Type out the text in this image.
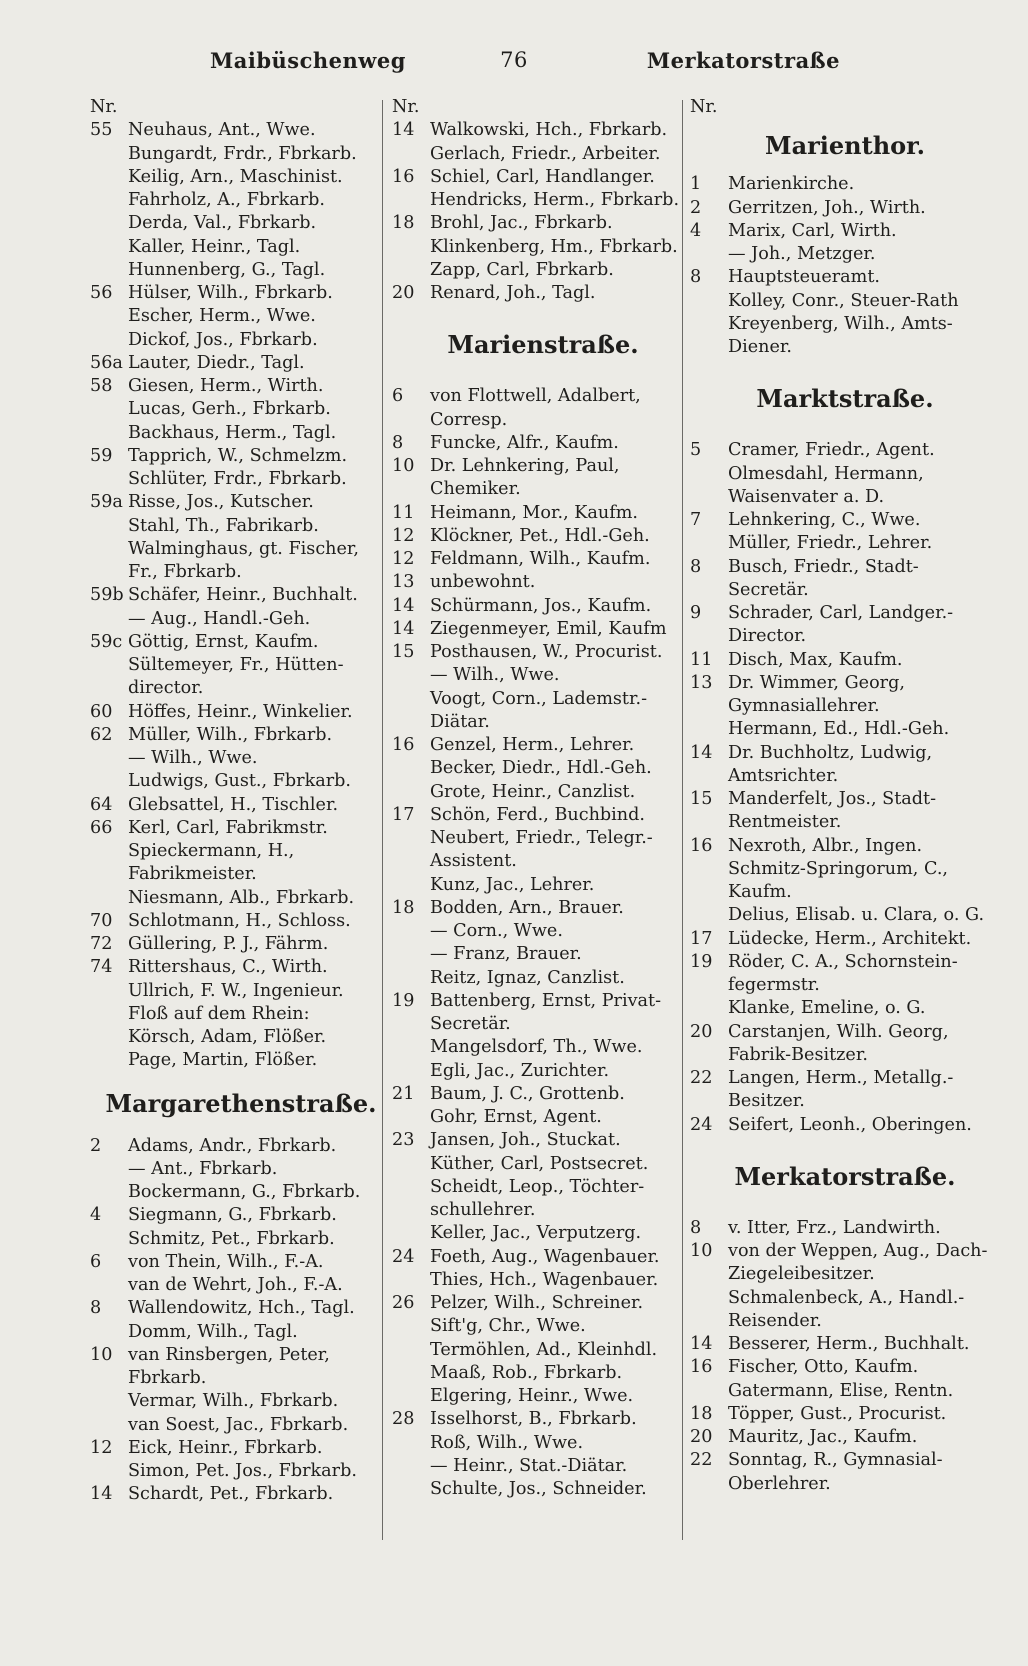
Maibüschenweg	76	Merkatorstraße
Nr.
55 Neuhaus, Ant., Wwe.
Bungardt, Frdr., Fbrkarb.
Keilig, Arn., Maschinist.
Fahrholz, A., Fbrkarb.
Derda, Val., Fbrkarb.
Kaller, Heinr., Tagl.
Hunnenberg, G., Tagl.
56 Hülser, Wilh., Fbrkarb.
Escher, Herm., Wwe.
Dickof, Jos., Fbrkarb.
56a Lauter, Diedr., Tagl.
58 Giesen, Herm., Wirth.
Lucas, Gerh., Fbrkarb.
Backhaus, Herm., Tagl.
59 Tapprich, W., Schmelzm.
Schlüter, Frdr., Fbrkarb.
59a Risse, Jos., Kutscher.
Stahl, Th., Fabrikarb.
Walminghaus, gt. Fischer, Fr., Fbrkarb.
59b Schäfer, Heinr., Buchhalt.
— Aug., Handl.-Geh.
59c Göttig, Ernst, Kaufm.
Sültemeyer, Fr., Hütten-director.
60 Höffes, Heinr., Winkelier.
62 Müller, Wilh., Fbrkarb.
— Wilh., Wwe.
Ludwigs, Gust., Fbrkarb.
64 Glebsattel, H., Tischler.
66 Kerl, Carl, Fabrikmstr.
Spieckermann, H., Fabrikmeister.
Niesmann, Alb., Fbrkarb.
70 Schlotmann, H., Schloss.
72 Güllering, P. J., Fährm.
74 Rittershaus, C., Wirth.
Ullrich, F. W., Ingenieur.
Floß auf dem Rhein: Körsch, Adam, Flößer.
Page, Martin, Flößer.
Margarethenstraße.
2 Adams, Andr., Fbrkarb.
— Ant., Fbrkarb.
Bockermann, G., Fbrkarb.
4 Siegmann, G., Fbrkarb.
Schmitz, Pet., Fbrkarb.
6 von Thein, Wilh., F.-A.
van de Wehrt, Joh., F.-A.
8 Wallendowitz, Hch., Tagl.
Domm, Wilh., Tagl.
10 van Rinsbergen, Peter, Fbrkarb.
Vermar, Wilh., Fbrkarb.
van Soest, Jac., Fbrkarb.
12 Eick, Heinr., Fbrkarb.
Simon, Pet. Jos., Fbrkarb.
14 Schardt, Pet., Fbrkarb.
Nr.
14 Walkowski, Hch., Fbrkarb.
Gerlach, Friedr., Arbeiter.
16 Schiel, Carl, Handlanger.
Hendricks, Herm., Fbrkarb.
18 Brohl, Jac., Fbrkarb.
Klinkenberg, Hm., Fbrkarb.
Zapp, Carl, Fbrkarb.
20 Renard, Joh., Tagl.
Marienstraße.
6 von Flottwell, Adalbert, Corresp.
8 Funcke, Alfr., Kaufm.
10 Dr. Lehnkering, Paul, Chemiker.
11 Heimann, Mor., Kaufm.
12 Klöckner, Pet., Hdl.-Geh.
12 Feldmann, Wilh., Kaufm.
13 unbewohnt.
14 Schürmann, Jos., Kaufm.
14 Ziegenmeyer, Emil, Kaufm
15 Posthausen, W., Procurist.
— Wilh., Wwe.
Voogt, Corn., Lademstr.-Diätar.
16 Genzel, Herm., Lehrer.
Becker, Diedr., Hdl.-Geh.
Grote, Heinr., Canzlist.
17 Schön, Ferd., Buchbind.
Neubert, Friedr., Telegr.-Assistent.
Kunz, Jac., Lehrer.
18 Bodden, Arn., Brauer.
— Corn., Wwe.
— Franz, Brauer.
Reitz, Ignaz, Canzlist.
19 Battenberg, Ernst, Privat-Secretär.
Mangelsdorf, Th., Wwe.
Egli, Jac., Zurichter.
21 Baum, J. C., Grottenb.
Gohr, Ernst, Agent.
23 Jansen, Joh., Stuckat.
Küther, Carl, Postsecret.
Scheidt, Leop., Töchter-schullehrer.
Keller, Jac., Verputzerg.
24 Foeth, Aug., Wagenbauer.
Thies, Hch., Wagenbauer.
26 Pelzer, Wilh., Schreiner.
Sift'g, Chr., Wwe.
Termöhlen, Ad., Kleinhdl.
Maaß, Rob., Fbrkarb.
Elgering, Heinr., Wwe.
28 Isselhorst, B., Fbrkarb.
Roß, Wilh., Wwe.
— Heinr., Stat.-Diätar.
Schulte, Jos., Schneider.
Nr.
Marienthor.
1 Marienkirche.
2 Gerritzen, Joh., Wirth.
4 Marix, Carl, Wirth.
— Joh., Metzger.
8 Hauptsteueramt.
Kolley, Conr., Steuer-Rath
Kreyenberg, Wilh., Amts-Diener.
Marktstraße.
5 Cramer, Friedr., Agent.
Olmesdahl, Hermann, Waisenvater a. D.
7 Lehnkering, C., Wwe.
Müller, Friedr., Lehrer.
8 Busch, Friedr., Stadt-Secretär.
9 Schrader, Carl, Landger.-Director.
11 Disch, Max, Kaufm.
13 Dr. Wimmer, Georg, Gymnasiallehrer.
Hermann, Ed., Hdl.-Geh.
14 Dr. Buchholtz, Ludwig, Amtsrichter.
15 Manderfelt, Jos., Stadt-Rentmeister.
16 Nexroth, Albr., Ingen.
Schmitz-Springorum, C., Kaufm.
Delius, Elisab. u. Clara, o. G.
17 Lüdecke, Herm., Architekt.
19 Röder, C. A., Schornstein-fegermstr.
Klanke, Emeline, o. G.
20 Carstanjen, Wilh. Georg, Fabrik-Besitzer.
22 Langen, Herm., Metallg.-Besitzer.
24 Seifert, Leonh., Oberingen.
Merkatorstraße.
8 v. Itter, Frz., Landwirth.
10 von der Weppen, Aug., Dach-Ziegeleibesitzer.
Schmalenbeck, A., Handl.-Reisender.
14 Besserer, Herm., Buchhalt.
16 Fischer, Otto, Kaufm.
Gatermann, Elise, Rentn.
18 Töpper, Gust., Procurist.
20 Mauritz, Jac., Kaufm.
22 Sonntag, R., Gymnasial-Oberlehrer.
